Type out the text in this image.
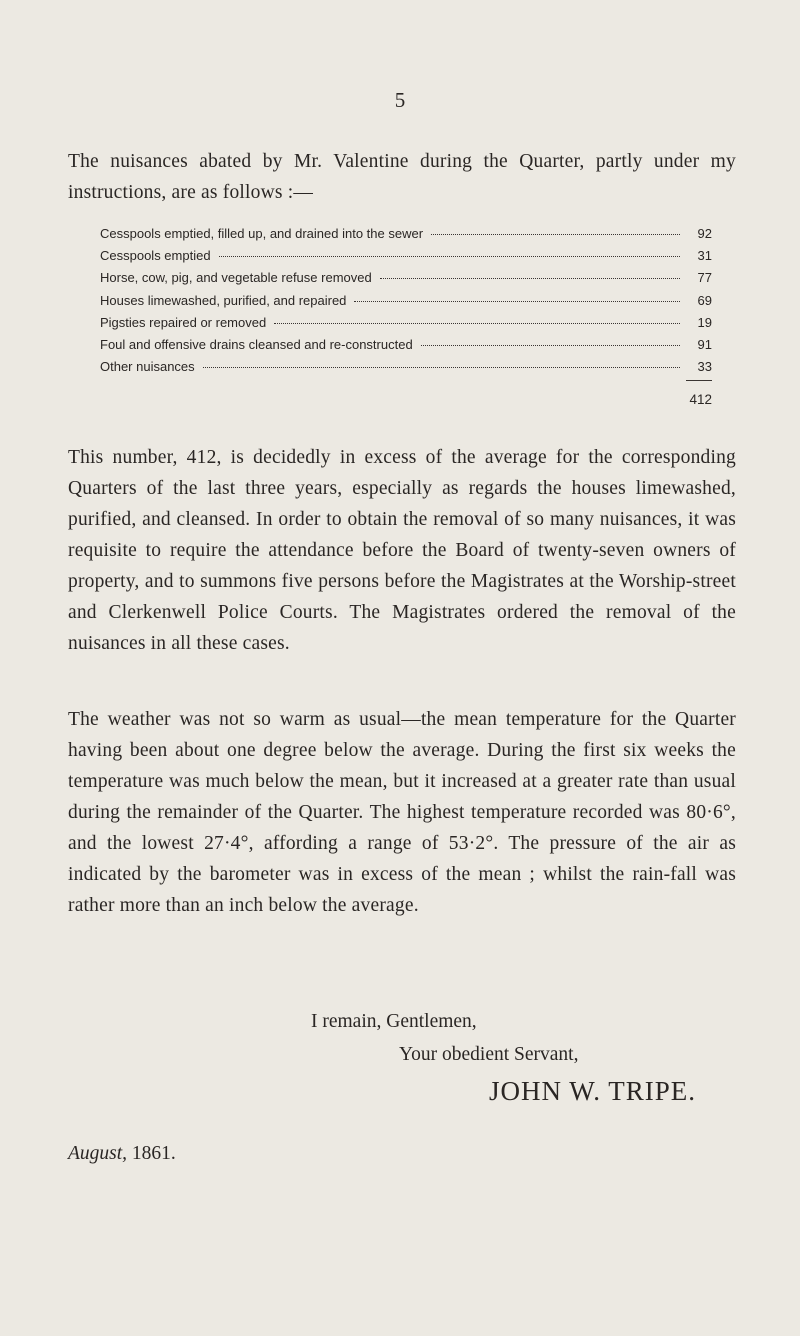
5
The nuisances abated by Mr. Valentine during the Quarter, partly under my instructions, are as follows :—
Cesspools emptied, filled up, and drained into the sewer	92
Cesspools emptied	31
Horse, cow, pig, and vegetable refuse removed	77
Houses limewashed, purified, and repaired	69
Pigsties repaired or removed	19
Foul and offensive drains cleansed and re-constructed	91
Other nuisances	33
412
This number, 412, is decidedly in excess of the average for the corresponding Quarters of the last three years, especially as regards the houses limewashed, purified, and cleansed. In order to obtain the removal of so many nuisances, it was requisite to require the attendance before the Board of twenty-seven owners of property, and to summons five persons before the Magistrates at the Worship-street and Clerkenwell Police Courts. The Magistrates ordered the removal of the nuisances in all these cases.
The weather was not so warm as usual—the mean temperature for the Quarter having been about one degree below the average. During the first six weeks the temperature was much below the mean, but it increased at a greater rate than usual during the remainder of the Quarter. The highest temperature recorded was 80·6°, and the lowest 27·4°, affording a range of 53·2°. The pressure of the air as indicated by the barometer was in excess of the mean ; whilst the rain-fall was rather more than an inch below the average.
I remain, Gentlemen,
Your obedient Servant,
JOHN W. TRIPE.
August, 1861.
